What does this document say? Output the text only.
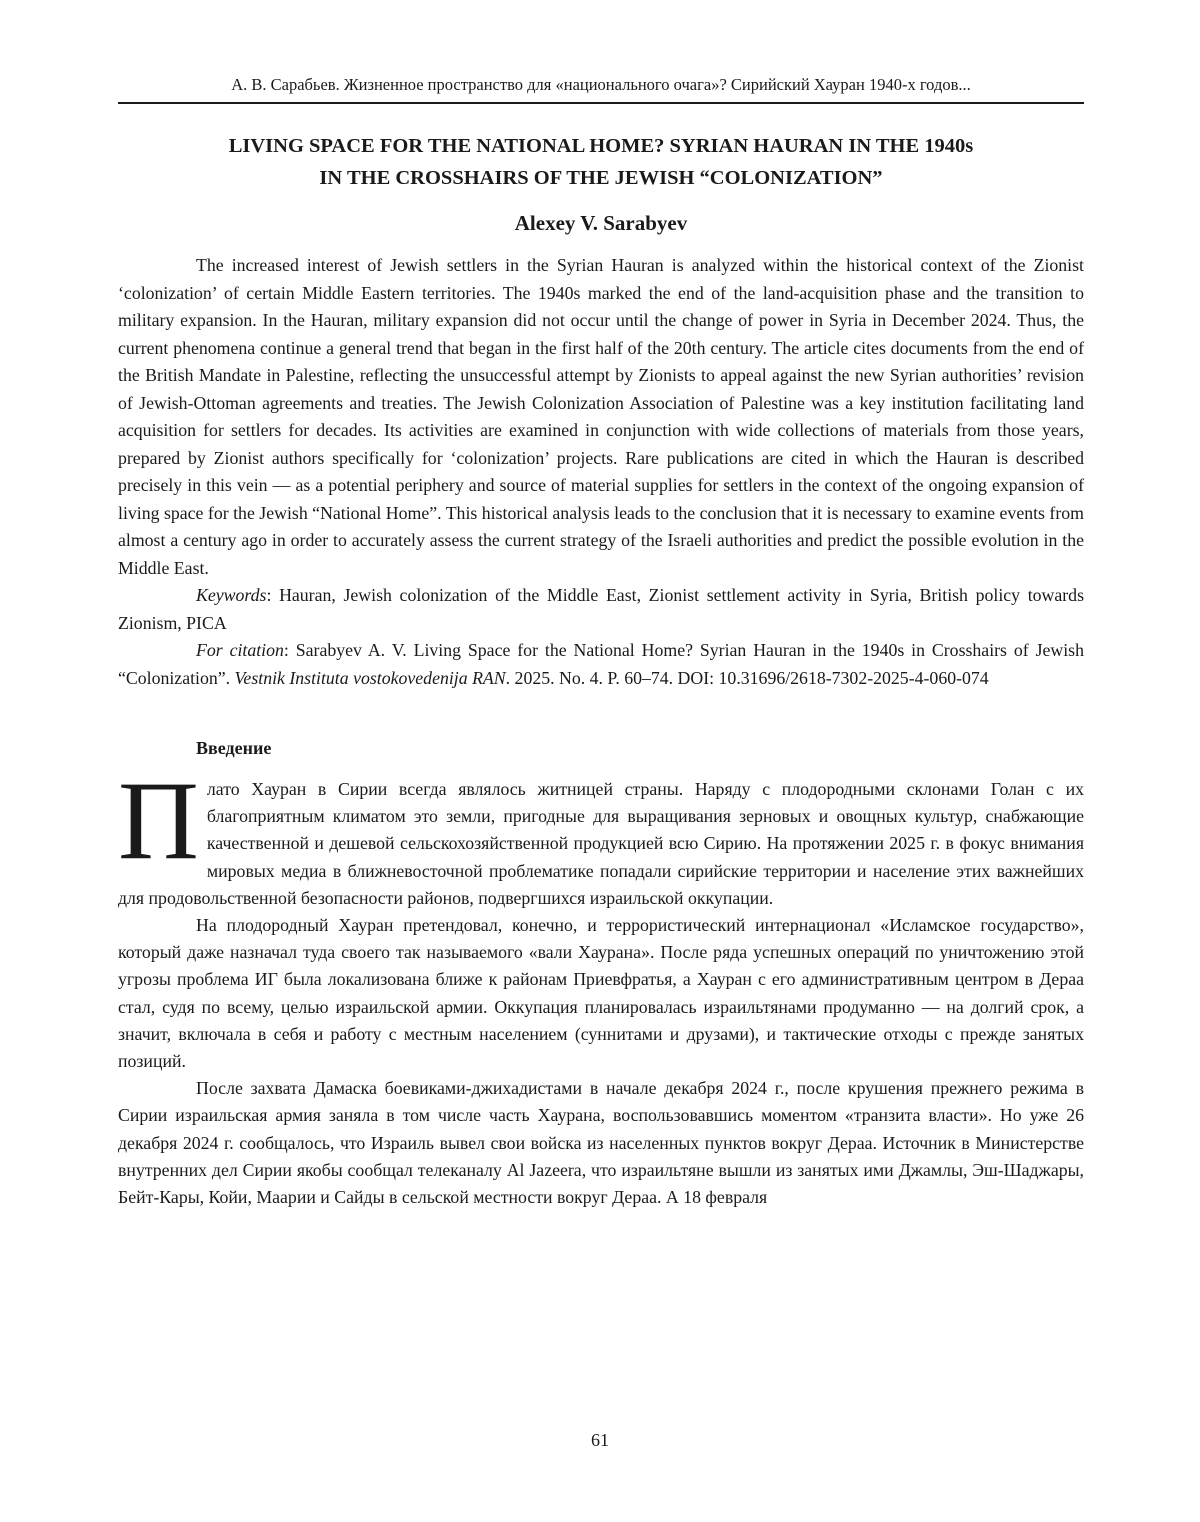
А. В. Сарабьев. Жизненное пространство для «национального очага»? Сирийский Хауран 1940-х годов...
LIVING SPACE FOR THE NATIONAL HOME? SYRIAN HAURAN IN THE 1940s
IN THE CROSSHAIRS OF THE JEWISH “COLONIZATION”
Alexey V. Sarabyev

The increased interest of Jewish settlers in the Syrian Hauran is analyzed within the historical context of the Zionist ‘colonization’ of certain Middle Eastern territories. The 1940s marked the end of the land-acquisition phase and the transition to military expansion. In the Hauran, military expansion did not occur until the change of power in Syria in December 2024. Thus, the current phenomena continue a general trend that began in the first half of the 20th century. The article cites documents from the end of the British Mandate in Palestine, reflecting the unsuccessful attempt by Zionists to appeal against the new Syrian authorities’ revision of Jewish-Ottoman agreements and treaties. The Jewish Colonization Association of Palestine was a key institution facilitating land acquisition for settlers for decades. Its activities are examined in conjunction with wide collections of materials from those years, prepared by Zionist authors specifically for ‘colonization’ projects. Rare publications are cited in which the Hauran is described precisely in this vein — as a potential periphery and source of material supplies for settlers in the context of the ongoing expansion of living space for the Jewish “National Home”. This historical analysis leads to the conclusion that it is necessary to examine events from almost a century ago in order to accurately assess the current strategy of the Israeli authorities and predict the possible evolution in the Middle East.

Keywords: Hauran, Jewish colonization of the Middle East, Zionist settlement activity in Syria, British policy towards Zionism, PICA

For citation: Sarabyev A. V. Living Space for the National Home? Syrian Hauran in the 1940s in Crosshairs of Jewish “Colonization”. Vestnik Instituta vostokovedenija RAN. 2025. No. 4. P. 60–74. DOI: 10.31696/2618-7302-2025-4-060-074

Введение

Плато Хауран в Сирии всегда являлось житницей страны. Наряду с плодородными склонами Голан с их благоприятным климатом это земли, пригодные для выращивания зерновых и овощных культур, снабжающие качественной и дешевой сельскохозяйственной продукцией всю Сирию. На протяжении 2025 г. в фокус внимания мировых медиа в ближневосточной проблематике попадали сирийские территории и население этих важнейших для продовольственной безопасности районов, подвергшихся израильской оккупации.

На плодородный Хауран претендовал, конечно, и террористический интернационал «Исламское государство», который даже назначал туда своего так называемого «вали Хаурана». После ряда успешных операций по уничтожению этой угрозы проблема ИГ была локализована ближе к районам Приевфратья, а Хауран с его административным центром в Дераа стал, судя по всему, целью израильской армии. Оккупация планировалась израильтянами продуманно — на долгий срок, а значит, включала в себя и работу с местным населением (суннитами и друзами), и тактические отходы с прежде занятых позиций.

После захвата Дамаска боевиками-джихадистами в начале декабря 2024 г., после крушения прежнего режима в Сирии израильская армия заняла в том числе часть Хаурана, воспользовавшись моментом «транзита власти». Но уже 26 декабря 2024 г. сообщалось, что Израиль вывел свои войска из населенных пунктов вокруг Дераа. Источник в Министерстве внутренних дел Сирии якобы сообщал телеканалу Al Jazeera, что израильтяне вышли из занятых ими Джамлы, Эш-Шаджары, Бейт-Кары, Койи, Маарии и Сайды в сельской местности вокруг Дераа. А 18 февраля

61
